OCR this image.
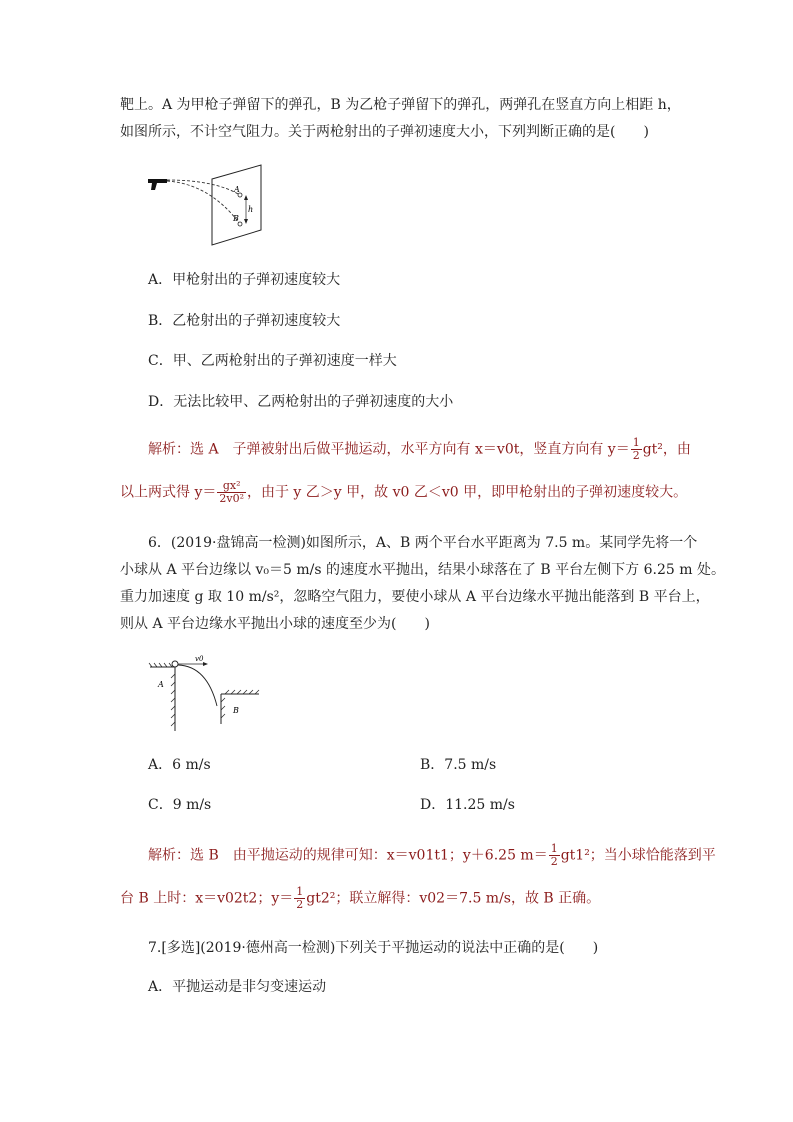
靶上。A 为甲枪子弹留下的弹孔，B 为乙枪子弹留下的弹孔，两弹孔在竖直方向上相距 h，
如图所示，不计空气阻力。关于两枪射出的子弹初速度大小，下列判断正确的是(　　)
A
B
h
A．甲枪射出的子弹初速度较大
B．乙枪射出的子弹初速度较大
C．甲、乙两枪射出的子弹初速度一样大
D．无法比较甲、乙两枪射出的子弹初速度的大小
解析：选 A　子弹被射出后做平抛运动，水平方向有 x＝v0t，竖直方向有 $y= \frac{1}{2} gt^2$，由
以上两式得 $y= \frac{\text{gx²}}{\text{2v0²}}$ ，由于 y 乙＞y 甲，故 v0 乙＜v0 甲，即甲枪射出的子弹初速度较大。
6．(2019·盘锦高一检测)如图所示，A、B 两个平台水平距离为 7.5 m。某同学先将一个
小球从 A 平台边缘以 v₀＝5 m/s 的速度水平抛出，结果小球落在了 B 平台左侧下方 6.25 m 处。
重力加速度 g 取 10 m/s²，忽略空气阻力，要使小球从 A 平台边缘水平抛出能落到 B 平台上，
则从 A 平台边缘水平抛出小球的速度至少为(　　)
A
B
v0
A．6 m/s	B．7.5 m/s
C．9 m/s	D．11.25 m/s
解析：选 B　由平抛运动的规律可知：x＝v01t1；y＋6.25 $m= \frac{1}{2} gt1^2$；当小球恰能落到平
台 B 上时：x＝v02t2；$y= \frac{1}{2} gt2^2$；联立解得：v02＝7.5 m/s，故 B 正确。
7.[多选](2019·德州高一检测)下列关于平抛运动的说法中正确的是(　　)
A．平抛运动是非匀变速运动
